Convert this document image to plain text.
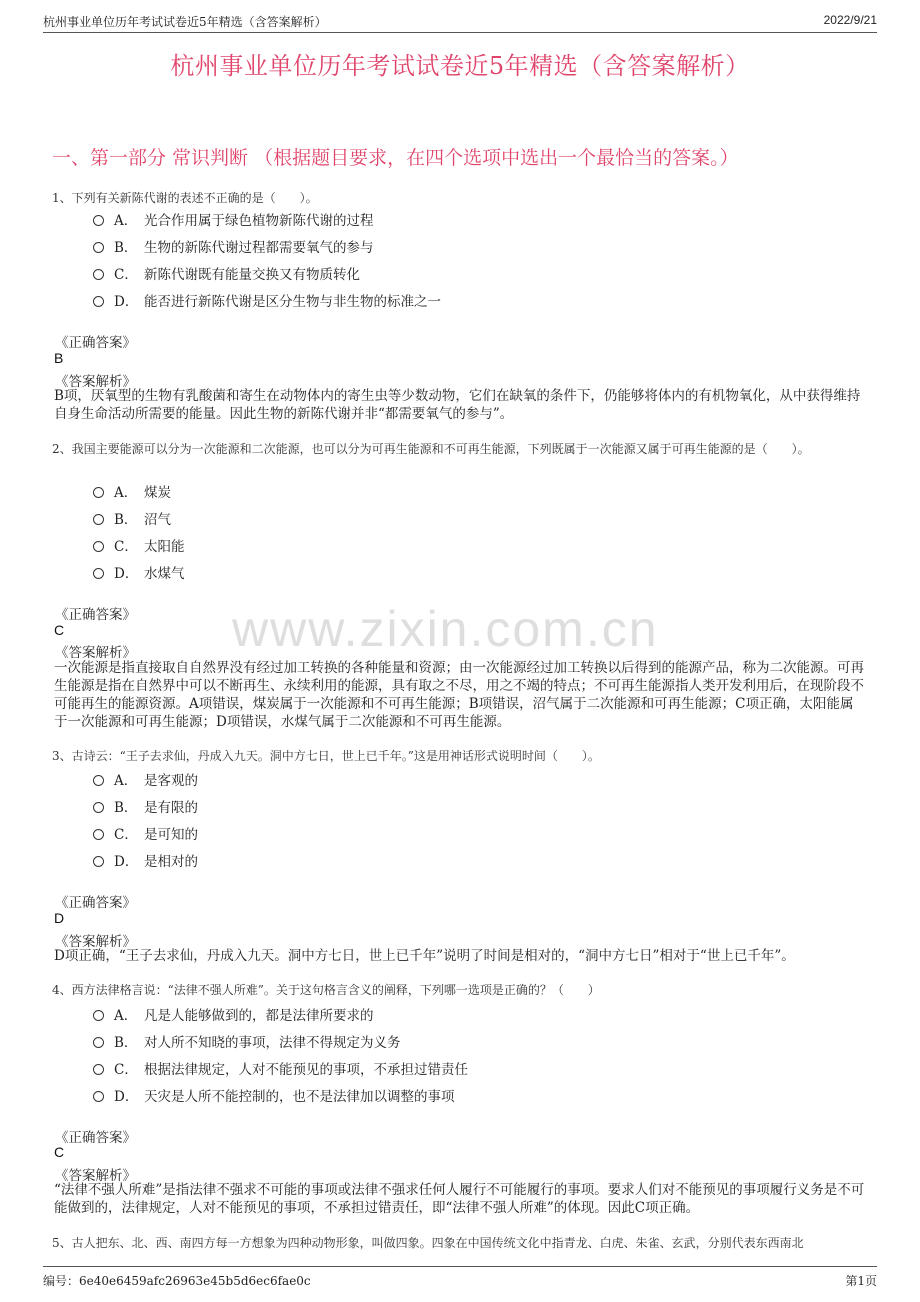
杭州事业单位历年考试试卷近5年精选（含答案解析）	2022/9/21
杭州事业单位历年考试试卷近5年精选（含答案解析）
一、第一部分 常识判断 （根据题目要求，在四个选项中选出一个最恰当的答案。）
www.zixin.com.cn
1、下列有关新陈代谢的表述不正确的是（　　）。
A． 光合作用属于绿色植物新陈代谢的过程
B． 生物的新陈代谢过程都需要氧气的参与
C． 新陈代谢既有能量交换又有物质转化
D． 能否进行新陈代谢是区分生物与非生物的标准之一
《正确答案》
B
《答案解析》
B项，厌氧型的生物有乳酸菌和寄生在动物体内的寄生虫等少数动物，它们在缺氧的条件下，仍能够将体内的有机物氧化，从中获得维持自身生命活动所需要的能量。因此生物的新陈代谢并非“都需要氧气的参与”。
2、我国主要能源可以分为一次能源和二次能源，也可以分为可再生能源和不可再生能源，下列既属于一次能源又属于可再生能源的是（　　）。
A． 煤炭
B． 沼气
C． 太阳能
D． 水煤气
《正确答案》
C
《答案解析》
一次能源是指直接取自自然界没有经过加工转换的各种能量和资源；由一次能源经过加工转换以后得到的能源产品，称为二次能源。可再生能源是指在自然界中可以不断再生、永续利用的能源，具有取之不尽，用之不竭的特点；不可再生能源指人类开发利用后，在现阶段不可能再生的能源资源。A项错误，煤炭属于一次能源和不可再生能源；B项错误，沼气属于二次能源和可再生能源；C项正确，太阳能属于一次能源和可再生能源；D项错误，水煤气属于二次能源和不可再生能源。
3、古诗云：“王子去求仙，丹成入九天。洞中方七日，世上已千年。”这是用神话形式说明时间（　　）。
A． 是客观的
B． 是有限的
C． 是可知的
D． 是相对的
《正确答案》
D
《答案解析》
D项正确，“王子去求仙，丹成入九天。洞中方七日，世上已千年”说明了时间是相对的，“洞中方七日”相对于“世上已千年”。
4、西方法律格言说：“法律不强人所难”。关于这句格言含义的阐释，下列哪一选项是正确的？（　　）
A． 凡是人能够做到的，都是法律所要求的
B． 对人所不知晓的事项，法律不得规定为义务
C． 根据法律规定，人对不能预见的事项，不承担过错责任
D． 天灾是人所不能控制的，也不是法律加以调整的事项
《正确答案》
C
《答案解析》
“法律不强人所难”是指法律不强求不可能的事项或法律不强求任何人履行不可能履行的事项。要求人们对不能预见的事项履行义务是不可能做到的，法律规定，人对不能预见的事项，不承担过错责任，即“法律不强人所难”的体现。因此C项正确。
5、古人把东、北、西、南四方每一方想象为四种动物形象，叫做四象。四象在中国传统文化中指青龙、白虎、朱雀、玄武，分别代表东西南北
编号：6e40e6459afc26963e45b5d6ec6fae0c	第1页
